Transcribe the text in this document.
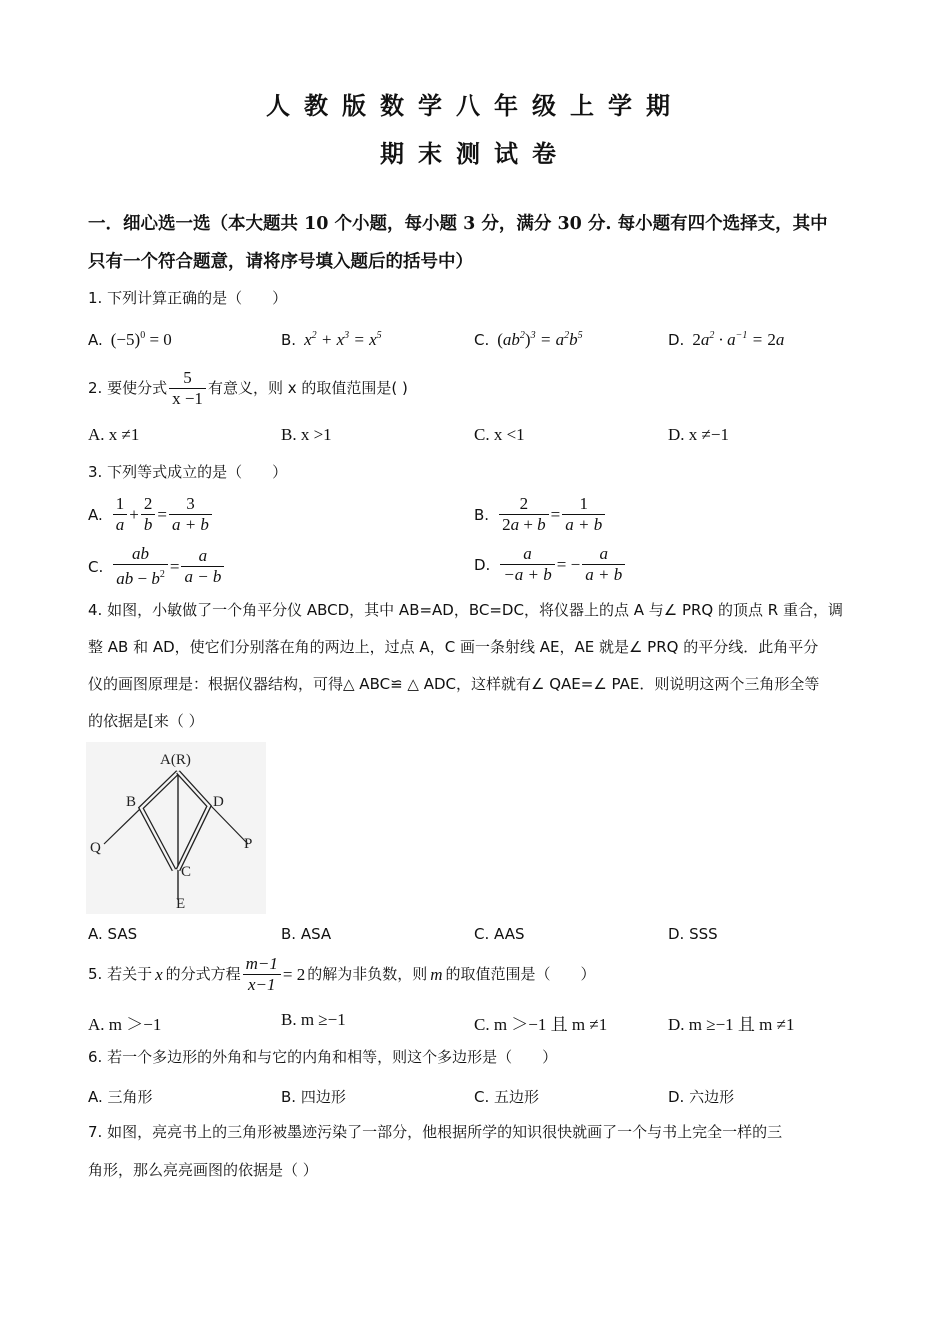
人教版数学八年级上学期
期末测试卷
一．细心选一选（本大题共 10 个小题，每小题 3 分，满分 30 分. 每小题有四个选择支，其中
只有一个符合题意，请将序号填入题后的括号中）
1. 下列计算正确的是（　　）
A. $(-5)^0 = 0$	B. $x^2 + x^3 = x^5$	C. $(ab^2)^3 = a^2b^5$	D. $2a^2 \cdot a^{-1} = 2a$
2. 要使分式 $\frac{5}{x -1}$ 有意义，则 x 的取值范围是( )
A. x ≠1	B. x >1	C. x <1	D. x ≠−1
3. 下列等式成立的是（　　）
A. $\frac{1}{a} + \frac{2}{b} = \frac{3}{a + b}$	B. $\frac{2}{2a + b} = \frac{1}{a + b}$
C. $\frac{ab}{ab - b^2} = \frac{a}{a - b}$	D. $\frac{a}{-a + b}$ = − $\frac{a}{a + b}$
4. 如图，小敏做了一个角平分仪 ABCD，其中 AB=AD，BC=DC，将仪器上的点 A 与∠ PRQ 的顶点 R 重合，调
整 AB 和 AD，使它们分别落在角的两边上，过点 A，C 画一条射线 AE，AE 就是∠ PRQ 的平分线．此角平分
仪的画图原理是：根据仪器结构，可得△ ABC≌ △ ADC，这样就有∠ QAE=∠ PAE．则说明这两个三角形全等
的依据是[来（ ）
A(R)
B	D
Q	P
C
E
A. SAS	B. ASA	C. AAS	D. SSS
5. 若关于 x 的分式方程 $\frac{m-1}{x-1} = 2$ 的解为非负数，则 m 的取值范围是（　　）
A. m ＞−1	B. m ≥−1	C. m ＞−1 且 m ≠1	D. m ≥−1 且 m ≠1
6. 若一个多边形的外角和与它的内角和相等，则这个多边形是（　　）
A. 三角形	B. 四边形	C. 五边形	D. 六边形
7. 如图，亮亮书上的三角形被墨迹污染了一部分，他根据所学的知识很快就画了一个与书上完全一样的三
角形，那么亮亮画图的依据是（ ）
